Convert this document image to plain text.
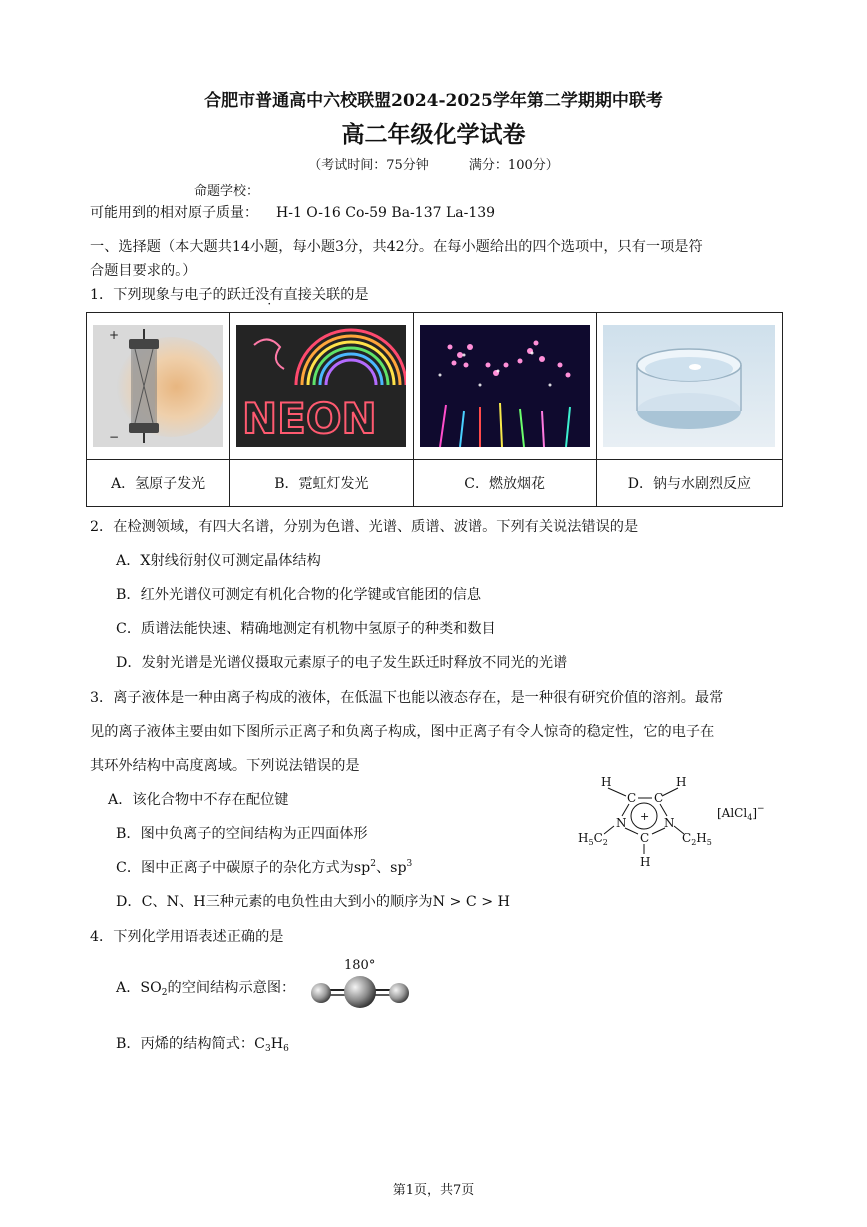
合肥市普通高中六校联盟2024-2025学年第二学期期中联考
高二年级化学试卷
（考试时间：75分钟	满分：100分）
命题学校：
可能用到的相对原子质量： H-1 O-16 Co-59 Ba-137 La-139
一、选择题（本大题共14小题，每小题3分，共42分。在每小题给出的四个选项中，只有一项是符
合题目要求的。）
1．下列现象与电子的跃迁没有直接关联的是
+
−	NEON

A．氢原子发光	B．霓虹灯发光	C．燃放烟花	D．钠与水剧烈反应
2．在检测领域，有四大名谱，分别为色谱、光谱、质谱、波谱。下列有关说法错误的是
A．X射线衍射仪可测定晶体结构
B．红外光谱仪可测定有机化合物的化学键或官能团的信息
C．质谱法能快速、精确地测定有机物中氢原子的种类和数目
D．发射光谱是光谱仪摄取元素原子的电子发生跃迁时释放不同光的光谱
3．离子液体是一种由离子构成的液体，在低温下也能以液态存在，是一种很有研究价值的溶剂。最常
见的离子液体主要由如下图所示正离子和负离子构成，图中正离子有令人惊奇的稳定性，它的电子在
其环外结构中高度离域。下列说法错误的是
A．该化合物中不存在配位键
B．图中负离子的空间结构为正四面体形
C．图中正离子中碳原子的杂化方式为$sp^2$、$sp^3$
D．C、N、H三种元素的电负性由大到小的顺序为N > C > H
H	H
C C
N	N
C
H
+
$H_5C_2$	$C_2H_5$
[AlCl$_4$]−
4．下列化学用语表述正确的是
A．$SO_2$的空间结构示意图：
180°
B．丙烯的结构简式：$C_3H_6$
第1页，共7页
